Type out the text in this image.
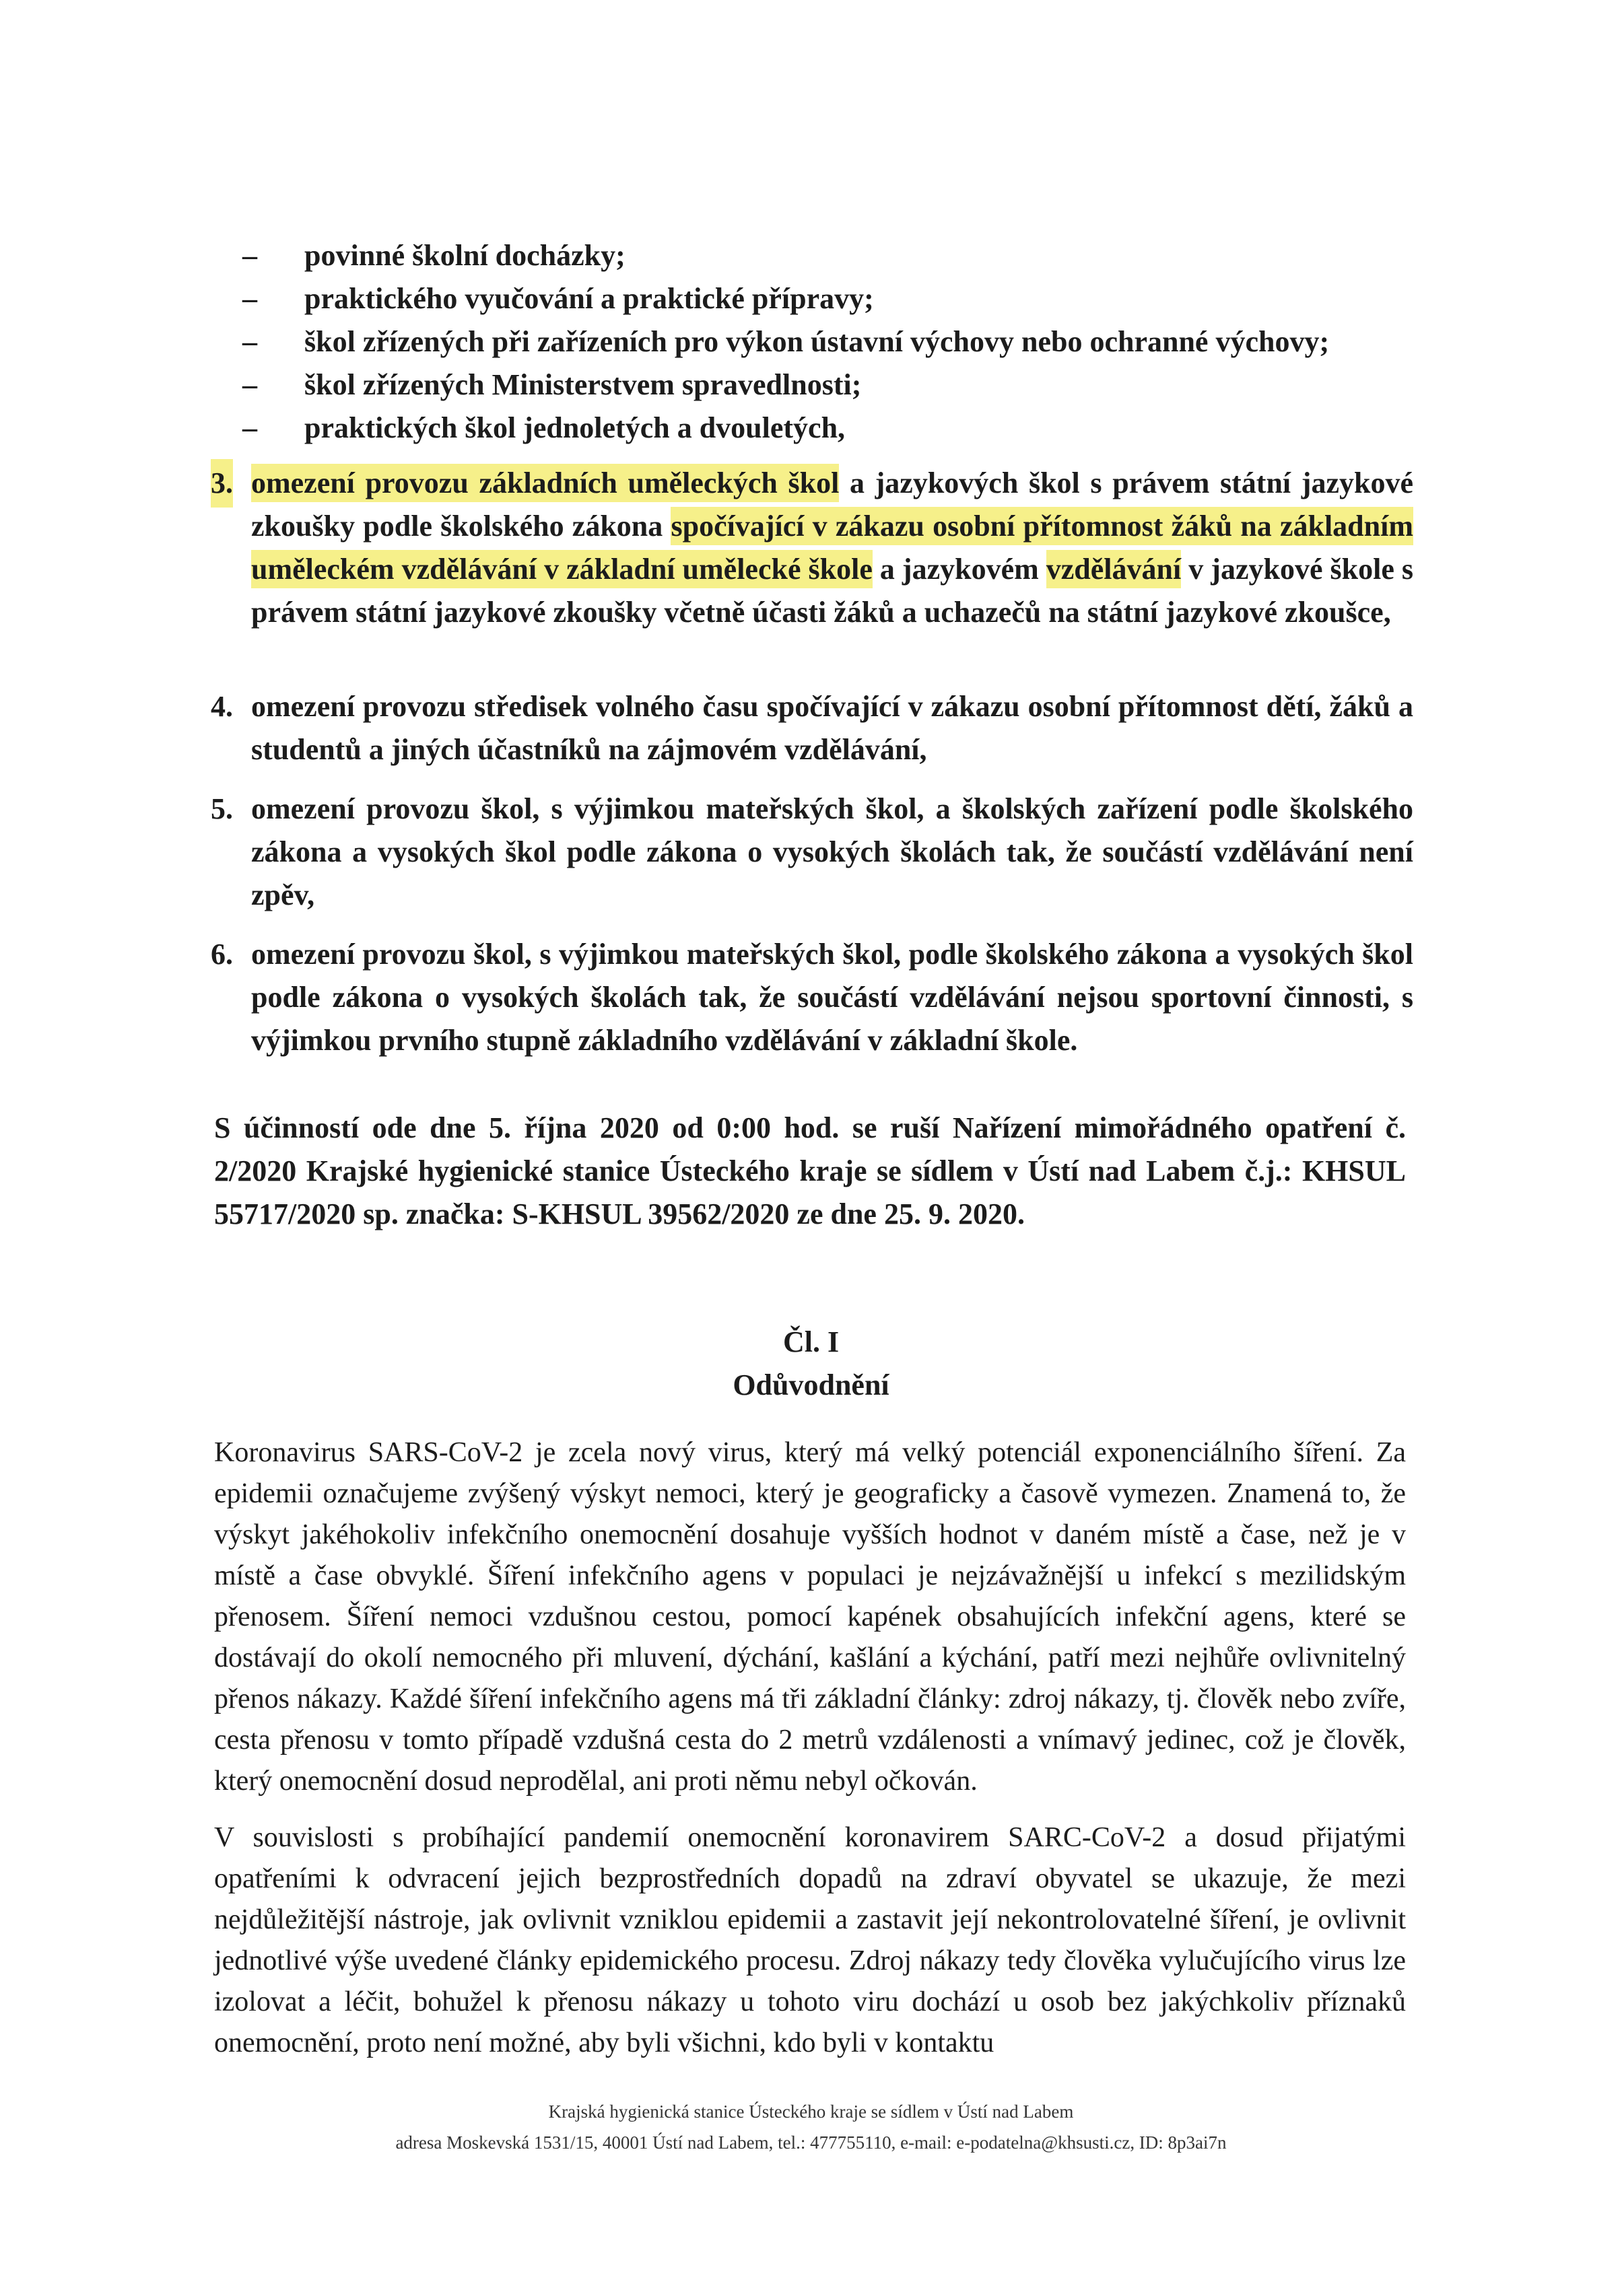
– povinné školní docházky;
– praktického vyučování a praktické přípravy;
– škol zřízených při zařízeních pro výkon ústavní výchovy nebo ochranné výchovy;
– škol zřízených Ministerstvem spravedlnosti;
– praktických škol jednoletých a dvouletých,
3. omezení provozu základních uměleckých škol a jazykových škol s právem státní jazykové zkoušky podle školského zákona spočívající v zákazu osobní přítomnost žáků na základním uměleckém vzdělávání v základní umělecké škole a jazykovém vzdělávání v jazykové škole s právem státní jazykové zkoušky včetně účasti žáků a uchazečů na státní jazykové zkoušce,
4. omezení provozu středisek volného času spočívající v zákazu osobní přítomnost dětí, žáků a studentů a jiných účastníků na zájmovém vzdělávání,
5. omezení provozu škol, s výjimkou mateřských škol, a školských zařízení podle školského zákona a vysokých škol podle zákona o vysokých školách tak, že součástí vzdělávání není zpěv,
6. omezení provozu škol, s výjimkou mateřských škol, podle školského zákona a vysokých škol podle zákona o vysokých školách tak, že součástí vzdělávání nejsou sportovní činnosti, s výjimkou prvního stupně základního vzdělávání v základní škole.
S účinností ode dne 5. října 2020 od 0:00 hod. se ruší Nařízení mimořádného opatření č. 2/2020 Krajské hygienické stanice Ústeckého kraje se sídlem v Ústí nad Labem č.j.: KHSUL 55717/2020 sp. značka: S-KHSUL 39562/2020 ze dne 25. 9. 2020.
Čl. I
Odůvodnění
Koronavirus SARS-CoV-2 je zcela nový virus, který má velký potenciál exponenciálního šíření. Za epidemii označujeme zvýšený výskyt nemoci, který je geograficky a časově vymezen. Znamená to, že výskyt jakéhokoliv infekčního onemocnění dosahuje vyšších hodnot v daném místě a čase, než je v místě a čase obvyklé. Šíření infekčního agens v populaci je nejzávažnější u infekcí s mezilidským přenosem. Šíření nemoci vzdušnou cestou, pomocí kapének obsahujících infekční agens, které se dostávají do okolí nemocného při mluvení, dýchání, kašlání a kýchání, patří mezi nejhůře ovlivnitelný přenos nákazy. Každé šíření infekčního agens má tři základní články: zdroj nákazy, tj. člověk nebo zvíře, cesta přenosu v tomto případě vzdušná cesta do 2 metrů vzdálenosti a vnímavý jedinec, což je člověk, který onemocnění dosud neprodělal, ani proti němu nebyl očkován.
V souvislosti s probíhající pandemií onemocnění koronavirem SARC-CoV-2 a dosud přijatými opatřeními k odvracení jejich bezprostředních dopadů na zdraví obyvatel se ukazuje, že mezi nejdůležitější nástroje, jak ovlivnit vzniklou epidemii a zastavit její nekontrolovatelné šíření, je ovlivnit jednotlivé výše uvedené články epidemického procesu. Zdroj nákazy tedy člověka vylučujícího virus lze izolovat a léčit, bohužel k přenosu nákazy u tohoto viru dochází u osob bez jakýchkoliv příznaků onemocnění, proto není možné, aby byli všichni, kdo byli v kontaktu
Krajská hygienická stanice Ústeckého kraje se sídlem v Ústí nad Labem
adresa Moskevská 1531/15, 40001 Ústí nad Labem, tel.: 477755110, e-mail: e-podatelna@khsusti.cz, ID: 8p3ai7n
